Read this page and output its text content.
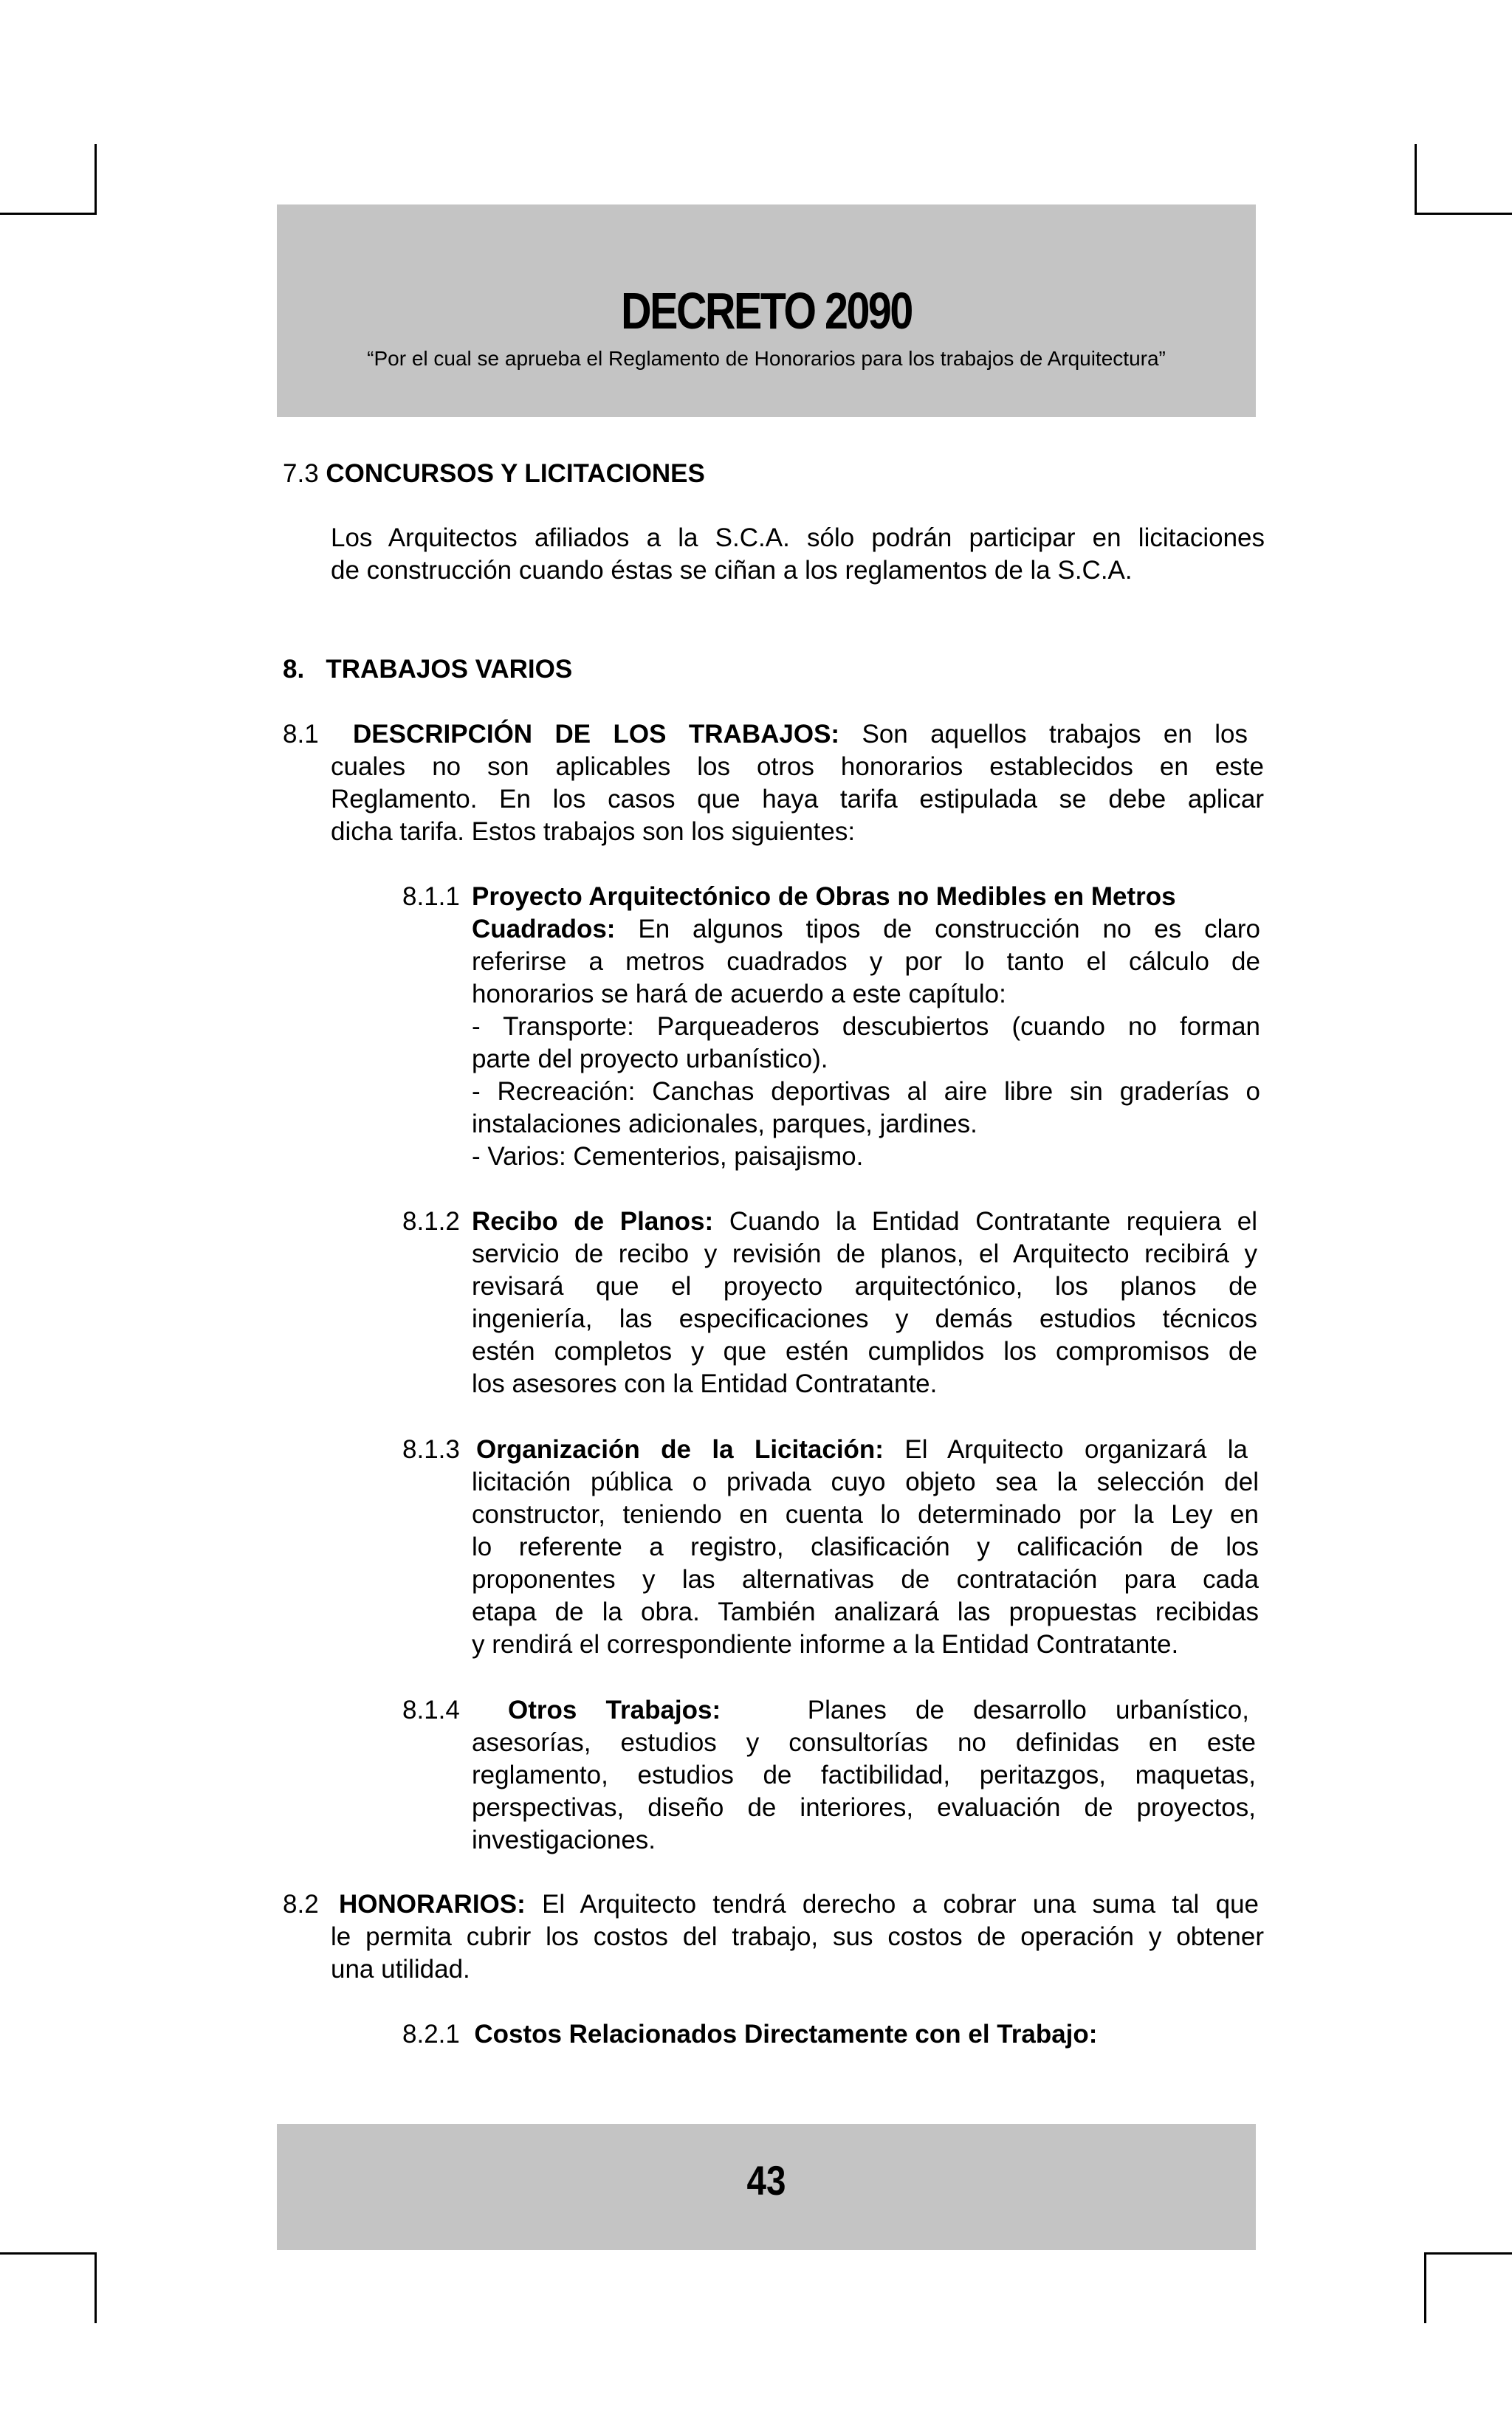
DECRETO 2090
“Por el cual se aprueba el Reglamento de Honorarios para los trabajos de Arquitectura”
7.3 CONCURSOS Y LICITACIONES
Los Arquitectos afiliados a la S.C.A. sólo podrán participar en licitaciones
de construcción cuando éstas se ciñan a los reglamentos de la S.C.A.
8. TRABAJOS VARIOS
8.1 DESCRIPCIÓN DE LOS TRABAJOS: Son aquellos trabajos en los
cuales no son aplicables los otros honorarios establecidos en este
Reglamento. En los casos que haya tarifa estipulada se debe aplicar
dicha tarifa. Estos trabajos son los siguientes:
8.1.1 Proyecto Arquitectónico de Obras no Medibles en Metros
Cuadrados: En algunos tipos de construcción no es claro
referirse a metros cuadrados y por lo tanto el cálculo de
honorarios se hará de acuerdo a este capítulo:
- Transporte: Parqueaderos descubiertos (cuando no forman
parte del proyecto urbanístico).
- Recreación: Canchas deportivas al aire libre sin graderías o
instalaciones adicionales, parques, jardines.
- Varios: Cementerios, paisajismo.
8.1.2 Recibo de Planos: Cuando la Entidad Contratante requiera el
servicio de recibo y revisión de planos, el Arquitecto recibirá y
revisará que el proyecto arquitectónico, los planos de
ingeniería, las especificaciones y demás estudios técnicos
estén completos y que estén cumplidos los compromisos de
los asesores con la Entidad Contratante.
8.1.3 Organización de la Licitación: El Arquitecto organizará la
licitación pública o privada cuyo objeto sea la selección del
constructor, teniendo en cuenta lo determinado por la Ley en
lo referente a registro, clasificación y calificación de los
proponentes y las alternativas de contratación para cada
etapa de la obra. También analizará las propuestas recibidas
y rendirá el correspondiente informe a la Entidad Contratante.
8.1.4 Otros Trabajos:	Planes de desarrollo urbanístico,
asesorías, estudios y consultorías no definidas en este
reglamento, estudios de factibilidad, peritazgos, maquetas,
perspectivas, diseño de interiores, evaluación de proyectos,
investigaciones.
8.2 HONORARIOS: El Arquitecto tendrá derecho a cobrar una suma tal que
le permita cubrir los costos del trabajo, sus costos de operación y obtener
una utilidad.
8.2.1 Costos Relacionados Directamente con el Trabajo:
43
